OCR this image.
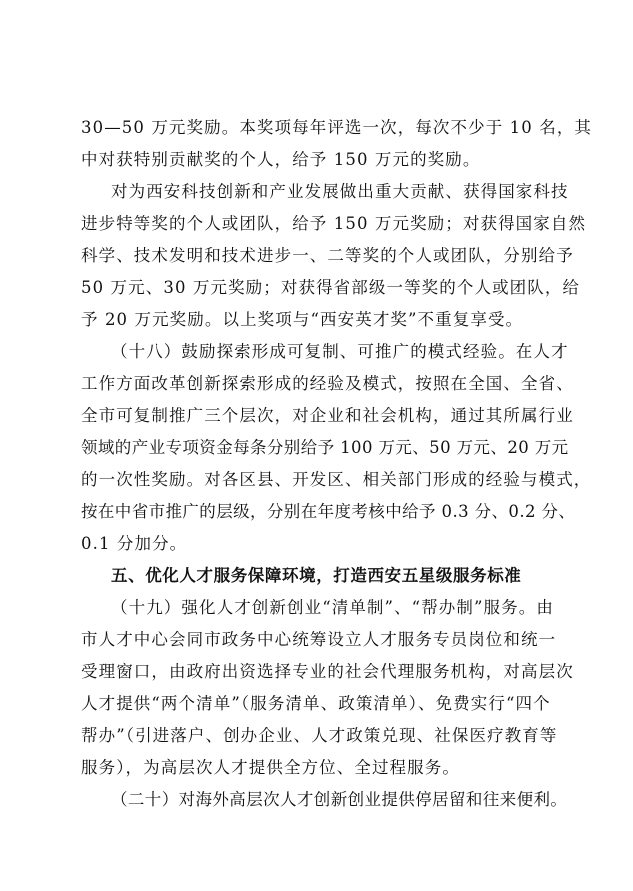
30—50 万元奖励。本奖项每年评选一次，每次不少于 10 名，其
中对获特别贡献奖的个人，给予 150 万元的奖励。
对为西安科技创新和产业发展做出重大贡献、获得国家科技
进步特等奖的个人或团队，给予 150 万元奖励；对获得国家自然
科学、技术发明和技术进步一、二等奖的个人或团队，分别给予
50 万元、30 万元奖励；对获得省部级一等奖的个人或团队，给
予 20 万元奖励。以上奖项与“西安英才奖”不重复享受。
（十八）鼓励探索形成可复制、可推广的模式经验。在人才
工作方面改革创新探索形成的经验及模式，按照在全国、全省、
全市可复制推广三个层次，对企业和社会机构，通过其所属行业
领域的产业专项资金每条分别给予 100 万元、50 万元、20 万元
的一次性奖励。对各区县、开发区、相关部门形成的经验与模式，
按在中省市推广的层级，分别在年度考核中给予 0.3 分、0.2 分、
0.1 分加分。
五、优化人才服务保障环境，打造西安五星级服务标准
（十九）强化人才创新创业“清单制”、“帮办制”服务。由
市人才中心会同市政务中心统筹设立人才服务专员岗位和统一
受理窗口，由政府出资选择专业的社会代理服务机构，对高层次
人才提供“两个清单”（服务清单、政策清单）、免费实行“四个
帮办”（引进落户、创办企业、人才政策兑现、社保医疗教育等
服务），为高层次人才提供全方位、全过程服务。
（二十）对海外高层次人才创新创业提供停居留和往来便利。
